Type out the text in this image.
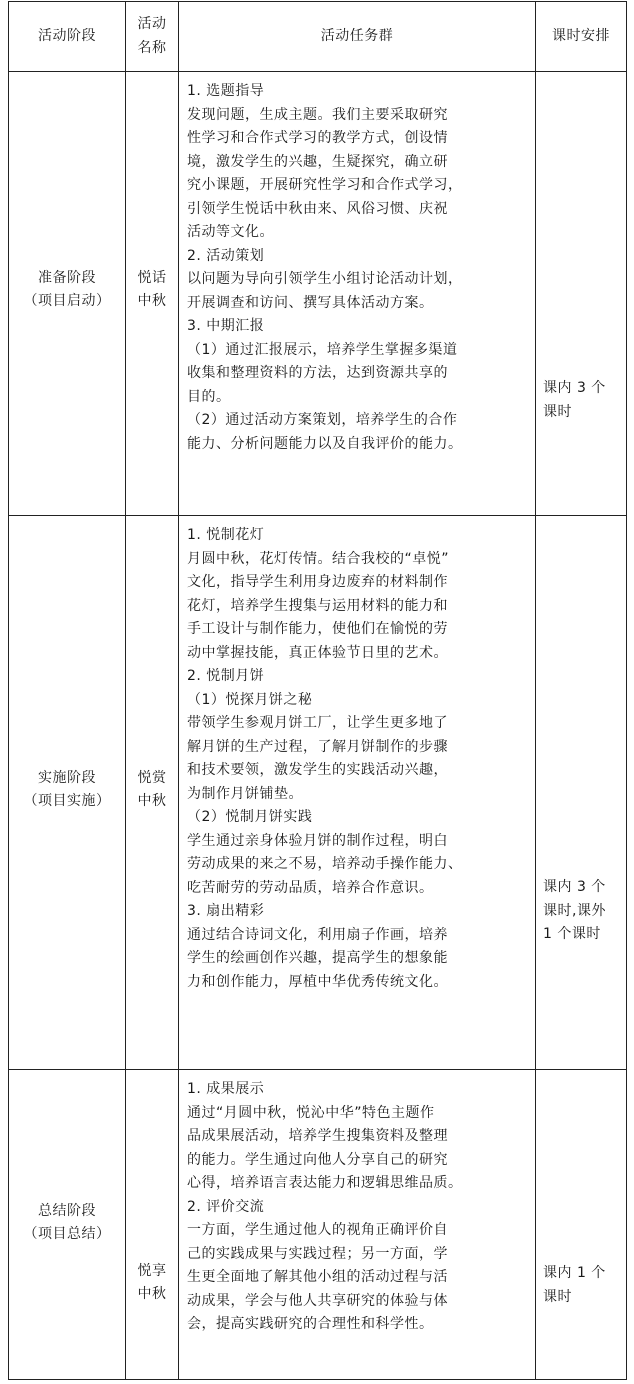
活动阶段
活动
名称
活动任务群	课时安排
准备阶段
（项目启动）
悦话
中秋

1. 选题指导

发现问题，生成主题。我们主要采取研究

性学习和合作式学习的教学方式，创设情

境，激发学生的兴趣，生疑探究，确立研

究小课题，开展研究性学习和合作式学习，

引领学生悦话中秋由来、风俗习惯、庆祝

活动等文化。

2. 活动策划

以问题为导向引领学生小组讨论活动计划，

开展调查和访问、撰写具体活动方案。

3. 中期汇报

（1）通过汇报展示，培养学生掌握多渠道

收集和整理资料的方法，达到资源共享的

目的。

（2）通过活动方案策划，培养学生的合作

能力、分析问题能力以及自我评价的能力。

课内 3 个

课时

实施阶段
（项目实施）
悦赏
中秋

1. 悦制花灯

月圆中秋，花灯传情。结合我校的“卓悦”

文化，指导学生利用身边废弃的材料制作

花灯，培养学生搜集与运用材料的能力和

手工设计与制作能力，使他们在愉悦的劳

动中掌握技能，真正体验节日里的艺术。

2. 悦制月饼

（1）悦探月饼之秘

带领学生参观月饼工厂，让学生更多地了

解月饼的生产过程，了解月饼制作的步骤

和技术要领，激发学生的实践活动兴趣，

为制作月饼铺垫。

（2）悦制月饼实践

学生通过亲身体验月饼的制作过程，明白

劳动成果的来之不易，培养动手操作能力、

吃苦耐劳的劳动品质，培养合作意识。

3. 扇出精彩

通过结合诗词文化，利用扇子作画，培养

学生的绘画创作兴趣，提高学生的想象能

力和创作能力，厚植中华优秀传统文化。

课内 3 个

课时,课外

1 个课时

总结阶段
（项目总结）
悦享
中秋

1. 成果展示

通过“月圆中秋，悦沁中华”特色主题作

品成果展活动，培养学生搜集资料及整理

的能力。学生通过向他人分享自己的研究

心得，培养语言表达能力和逻辑思维品质。

2. 评价交流

一方面，学生通过他人的视角正确评价自

己的实践成果与实践过程；另一方面，学

生更全面地了解其他小组的活动过程与活

动成果，学会与他人共享研究的体验与体

会，提高实践研究的合理性和科学性。

课内 1 个

课时
